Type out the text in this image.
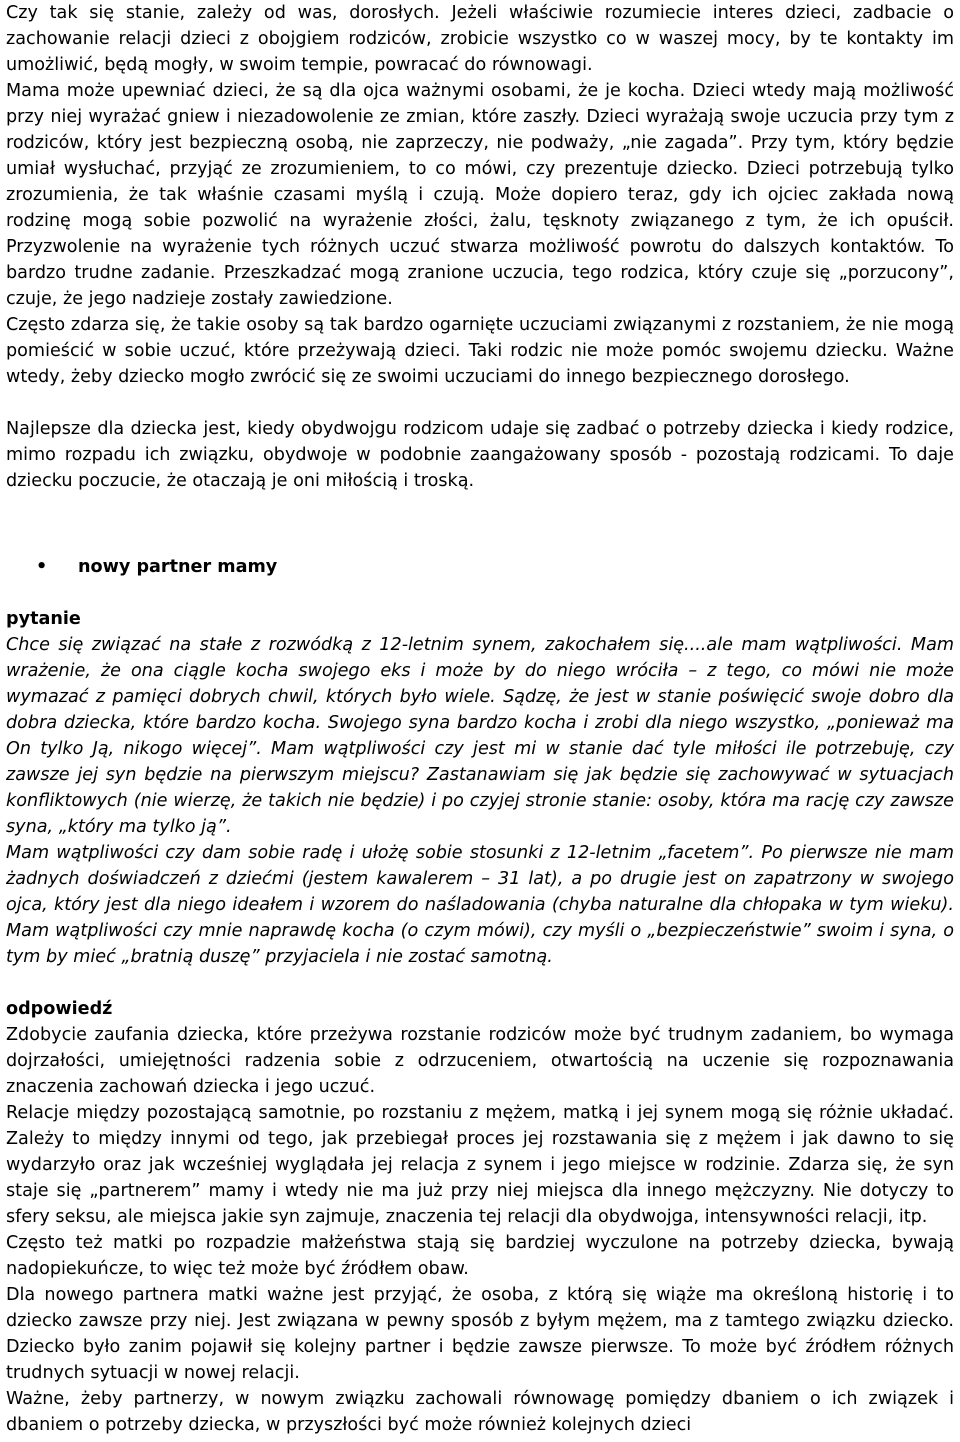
Czy tak się stanie, zależy od was, dorosłych. Jeżeli właściwie rozumiecie interes dzieci, zadbacie o zachowanie relacji dzieci z obojgiem rodziców, zrobicie wszystko co w waszej mocy, by te kontakty im umożliwić, będą mogły, w swoim tempie, powracać do równowagi.

Mama może upewniać dzieci, że są dla ojca ważnymi osobami, że je kocha. Dzieci wtedy mają możliwość przy niej wyrażać gniew i niezadowolenie ze zmian, które zaszły. Dzieci wyrażają swoje uczucia przy tym z rodziców, który jest bezpieczną osobą, nie zaprzeczy, nie podważy, „nie zagada”. Przy tym, który będzie umiał wysłuchać, przyjąć ze zrozumieniem, to co mówi, czy prezentuje dziecko. Dzieci potrzebują tylko zrozumienia, że tak właśnie czasami myślą i czują. Może dopiero teraz, gdy ich ojciec zakłada nową rodzinę mogą sobie pozwolić na wyrażenie złości, żalu, tęsknoty związanego z tym, że ich opuścił. Przyzwolenie na wyrażenie tych różnych uczuć stwarza możliwość powrotu do dalszych kontaktów. To bardzo trudne zadanie. Przeszkadzać mogą zranione uczucia, tego rodzica, który czuje się „porzucony”, czuje, że jego nadzieje zostały zawiedzione.

Często zdarza się, że takie osoby są tak bardzo ogarnięte uczuciami związanymi z rozstaniem, że nie mogą pomieścić w sobie uczuć, które przeżywają dzieci. Taki rodzic nie może pomóc swojemu dziecku. Ważne wtedy, żeby dziecko mogło zwrócić się ze swoimi uczuciami do innego bezpiecznego dorosłego.

Najlepsze dla dziecka jest, kiedy obydwojgu rodzicom udaje się zadbać o potrzeby dziecka i kiedy rodzice, mimo rozpadu ich związku, obydwoje w podobnie zaangażowany sposób - pozostają rodzicami. To daje dziecku poczucie, że otaczają je oni miłością i troską.

•	nowy partner mamy

pytanie

Chce się związać na stałe z rozwódką z 12-letnim synem, zakochałem się....ale mam wątpliwości. Mam wrażenie, że ona ciągle kocha swojego eks i może by do niego wróciła – z tego, co mówi nie może wymazać z pamięci dobrych chwil, których było wiele. Sądzę, że jest w stanie poświęcić swoje dobro dla dobra dziecka, które bardzo kocha. Swojego syna bardzo kocha i zrobi dla niego wszystko, „ponieważ ma On tylko Ją, nikogo więcej”. Mam wątpliwości czy jest mi w stanie dać tyle miłości ile potrzebuję, czy zawsze jej syn będzie na pierwszym miejscu? Zastanawiam się jak będzie się zachowywać w sytuacjach konfliktowych (nie wierzę, że takich nie będzie) i po czyjej stronie stanie: osoby, która ma rację czy zawsze syna, „który ma tylko ją”.

Mam wątpliwości czy dam sobie radę i ułożę sobie stosunki z 12-letnim „facetem”. Po pierwsze nie mam żadnych doświadczeń z dziećmi (jestem kawalerem – 31 lat), a po drugie jest on zapatrzony w swojego ojca, który jest dla niego ideałem i wzorem do naśladowania (chyba naturalne dla chłopaka w tym wieku). Mam wątpliwości czy mnie naprawdę kocha (o czym mówi), czy myśli o „bezpieczeństwie” swoim i syna, o tym by mieć „bratnią duszę” przyjaciela i nie zostać samotną.

odpowiedź

Zdobycie zaufania dziecka, które przeżywa rozstanie rodziców może być trudnym zadaniem, bo wymaga dojrzałości, umiejętności radzenia sobie z odrzuceniem, otwartością na uczenie się rozpoznawania znaczenia zachowań dziecka i jego uczuć.

Relacje między pozostającą samotnie, po rozstaniu z mężem, matką i jej synem mogą się różnie układać. Zależy to między innymi od tego, jak przebiegał proces jej rozstawania się z mężem i jak dawno to się wydarzyło oraz jak wcześniej wyglądała jej relacja z synem i jego miejsce w rodzinie. Zdarza się, że syn staje się „partnerem” mamy i wtedy nie ma już przy niej miejsca dla innego mężczyzny. Nie dotyczy to sfery seksu, ale miejsca jakie syn zajmuje, znaczenia tej relacji dla obydwojga, intensywności relacji, itp.

Często też matki po rozpadzie małżeństwa stają się bardziej wyczulone na potrzeby dziecka, bywają nadopiekuńcze, to więc też może być źródłem obaw.

Dla nowego partnera matki ważne jest przyjąć, że osoba, z którą się wiąże ma określoną historię i to dziecko zawsze przy niej. Jest związana w pewny sposób z byłym mężem, ma z tamtego związku dziecko. Dziecko było zanim pojawił się kolejny partner i będzie zawsze pierwsze. To może być źródłem różnych trudnych sytuacji w nowej relacji.

Ważne, żeby partnerzy, w nowym związku zachowali równowagę pomiędzy dbaniem o ich związek i dbaniem o potrzeby dziecka, w przyszłości być może również kolejnych dzieci
